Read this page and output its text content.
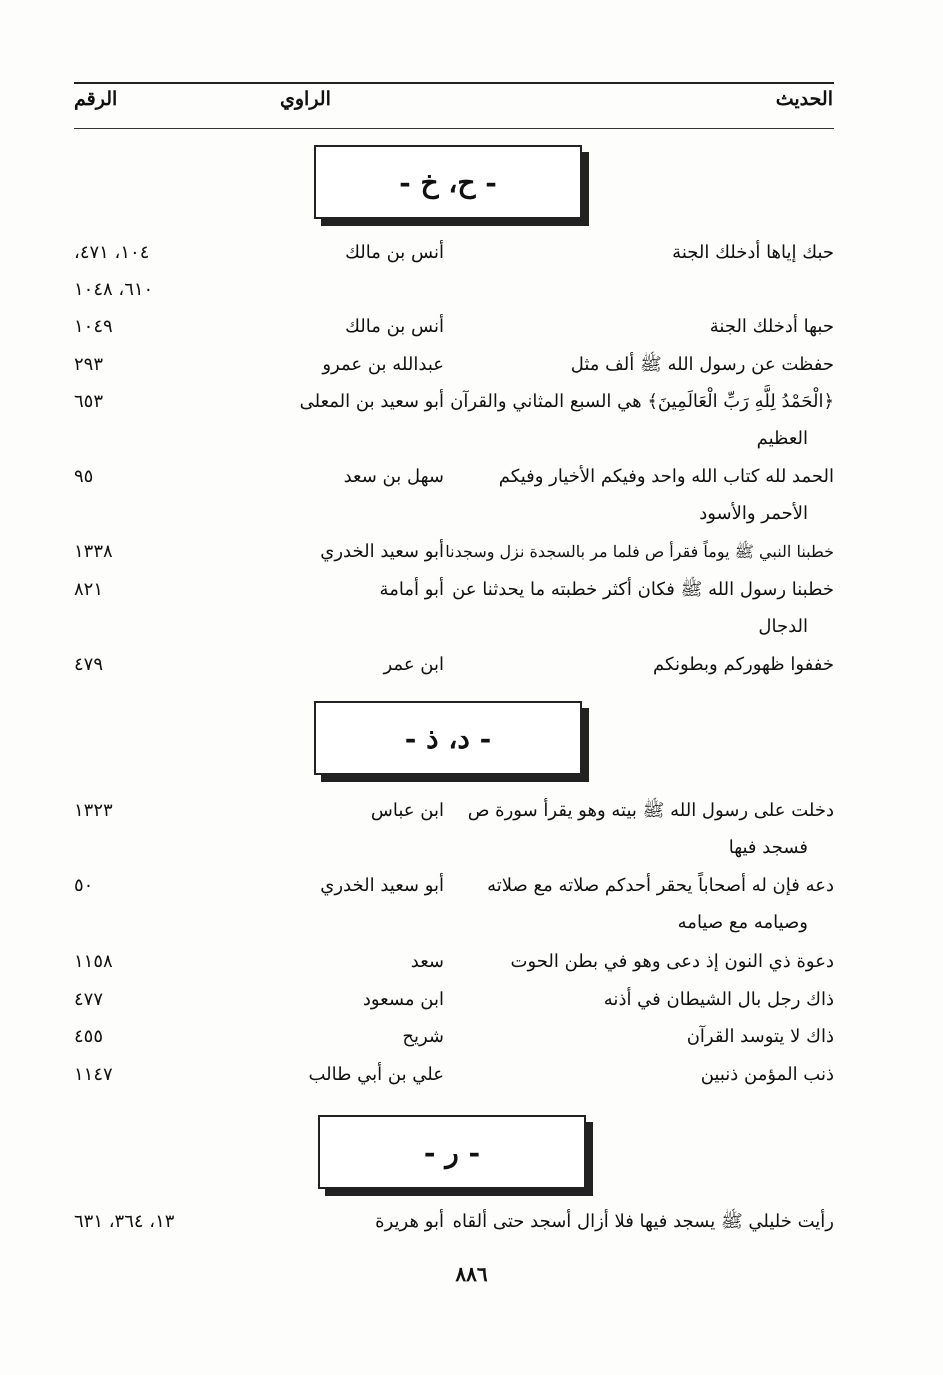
الحديث
الراوي
الرقم
- ح، خ -
حبك إياها أدخلك الجنة
أنس بن مالك
١٠٤، ٤٧١،
٦١٠، ١٠٤٨
حبها أدخلك الجنة
أنس بن مالك
١٠٤٩
حفظت عن رسول الله ﷺ ألف مثل
عبدالله بن عمرو
٢٩٣
﴿الْحَمْدُ لِلَّهِ رَبِّ الْعَالَمِينَ﴾ هي السبع المثاني والقرآن
العظيم
أبو سعيد بن المعلى
٦٥٣
الحمد لله كتاب الله واحد وفيكم الأخيار وفيكم
الأحمر والأسود
سهل بن سعد
٩٥
خطبنا النبي ﷺ يوماً فقرأ ص فلما مر بالسجدة نزل وسجدنا
أبو سعيد الخدري
١٣٣٨
خطبنا رسول الله ﷺ فكان أكثر خطبته ما يحدثنا عن
الدجال
أبو أمامة
٨٢١
خففوا ظهوركم وبطونكم
ابن عمر
٤٧٩
- د، ذ -
دخلت على رسول الله ﷺ بيته وهو يقرأ سورة ص
فسجد فيها
ابن عباس
١٣٢٣
دعه فإن له أصحاباً يحقر أحدكم صلاته مع صلاته
وصيامه مع صيامه
أبو سعيد الخدري
٥٠
دعوة ذي النون إذ دعى وهو في بطن الحوت
سعد
١١٥٨
ذاك رجل بال الشيطان في أذنه
ابن مسعود
٤٧٧
ذاك لا يتوسد القرآن
شريح
٤٥٥
ذنب المؤمن ذنبين
علي بن أبي طالب
١١٤٧
- ر -
رأيت خليلي ﷺ يسجد فيها فلا أزال أسجد حتى ألقاه
أبو هريرة
١٣، ٣٦٤، ٦٣١
٨٨٦
